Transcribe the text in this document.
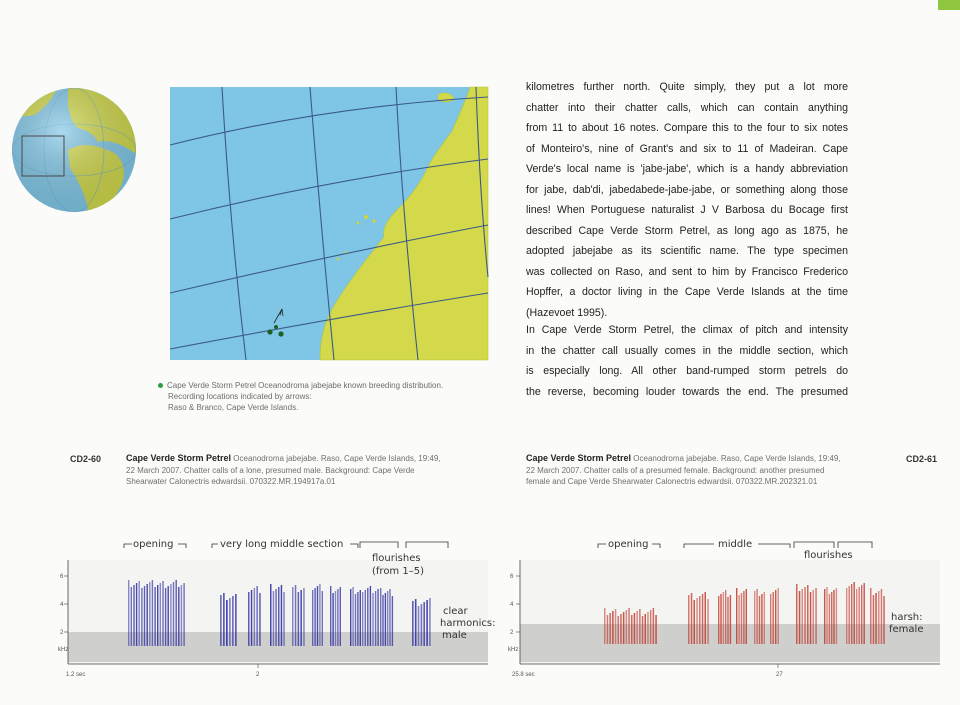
Cape Verde Storm Petrel Oceanodroma jabejabe known breeding distribution.
Recording locations indicated by arrows:
Raso & Branco, Cape Verde Islands.
kilometres further north. Quite simply, they put a lot more
chatter into their chatter calls, which can contain anything
from 11 to about 16 notes. Compare this to the four to six notes
of Monteiro's, nine of Grant's and six to 11 of Madeiran. Cape
Verde's local name is 'jabe-jabe', which is a handy abbreviation
for jabe, dab'di, jabedabede-jabe-jabe, or something along those
lines! When Portuguese naturalist J V Barbosa du Bocage first
described Cape Verde Storm Petrel, as long ago as 1875, he
adopted jabejabe as its scientific name. The type specimen
was collected on Raso, and sent to him by Francisco Frederico
Hopffer, a doctor living in the Cape Verde Islands at the time
(Hazevoet 1995).
In Cape Verde Storm Petrel, the climax of pitch and intensity
in the chatter call usually comes in the middle section, which
is especially long. All other band-rumped storm petrels do
the reverse, becoming louder towards the end. The presumed
CD2-60	Cape Verde Storm Petrel Oceanodroma jabejabe. Raso, Cape Verde Islands, 19:49,
22 March 2007. Chatter calls of a lone, presumed male. Background: Cape Verde
Shearwater Calonectris edwardsii. 070322.MR.194917a.01
Cape Verde Storm Petrel Oceanodroma jabejabe. Raso, Cape Verde Islands, 19:49,
22 March 2007. Chatter calls of a presumed female. Background: another presumed
female and Cape Verde Shearwater Calonectris edwardsii. 070322.MR.202321.01
CD2-61
6
4
2
kHz
1.2 sec	2
opening	very long middle section
flourishes
(from 1–5)
clear
harmonics:
male
6
4
2
kHz
25.8 sec	27
opening	middle
flourishes
harsh:
female
